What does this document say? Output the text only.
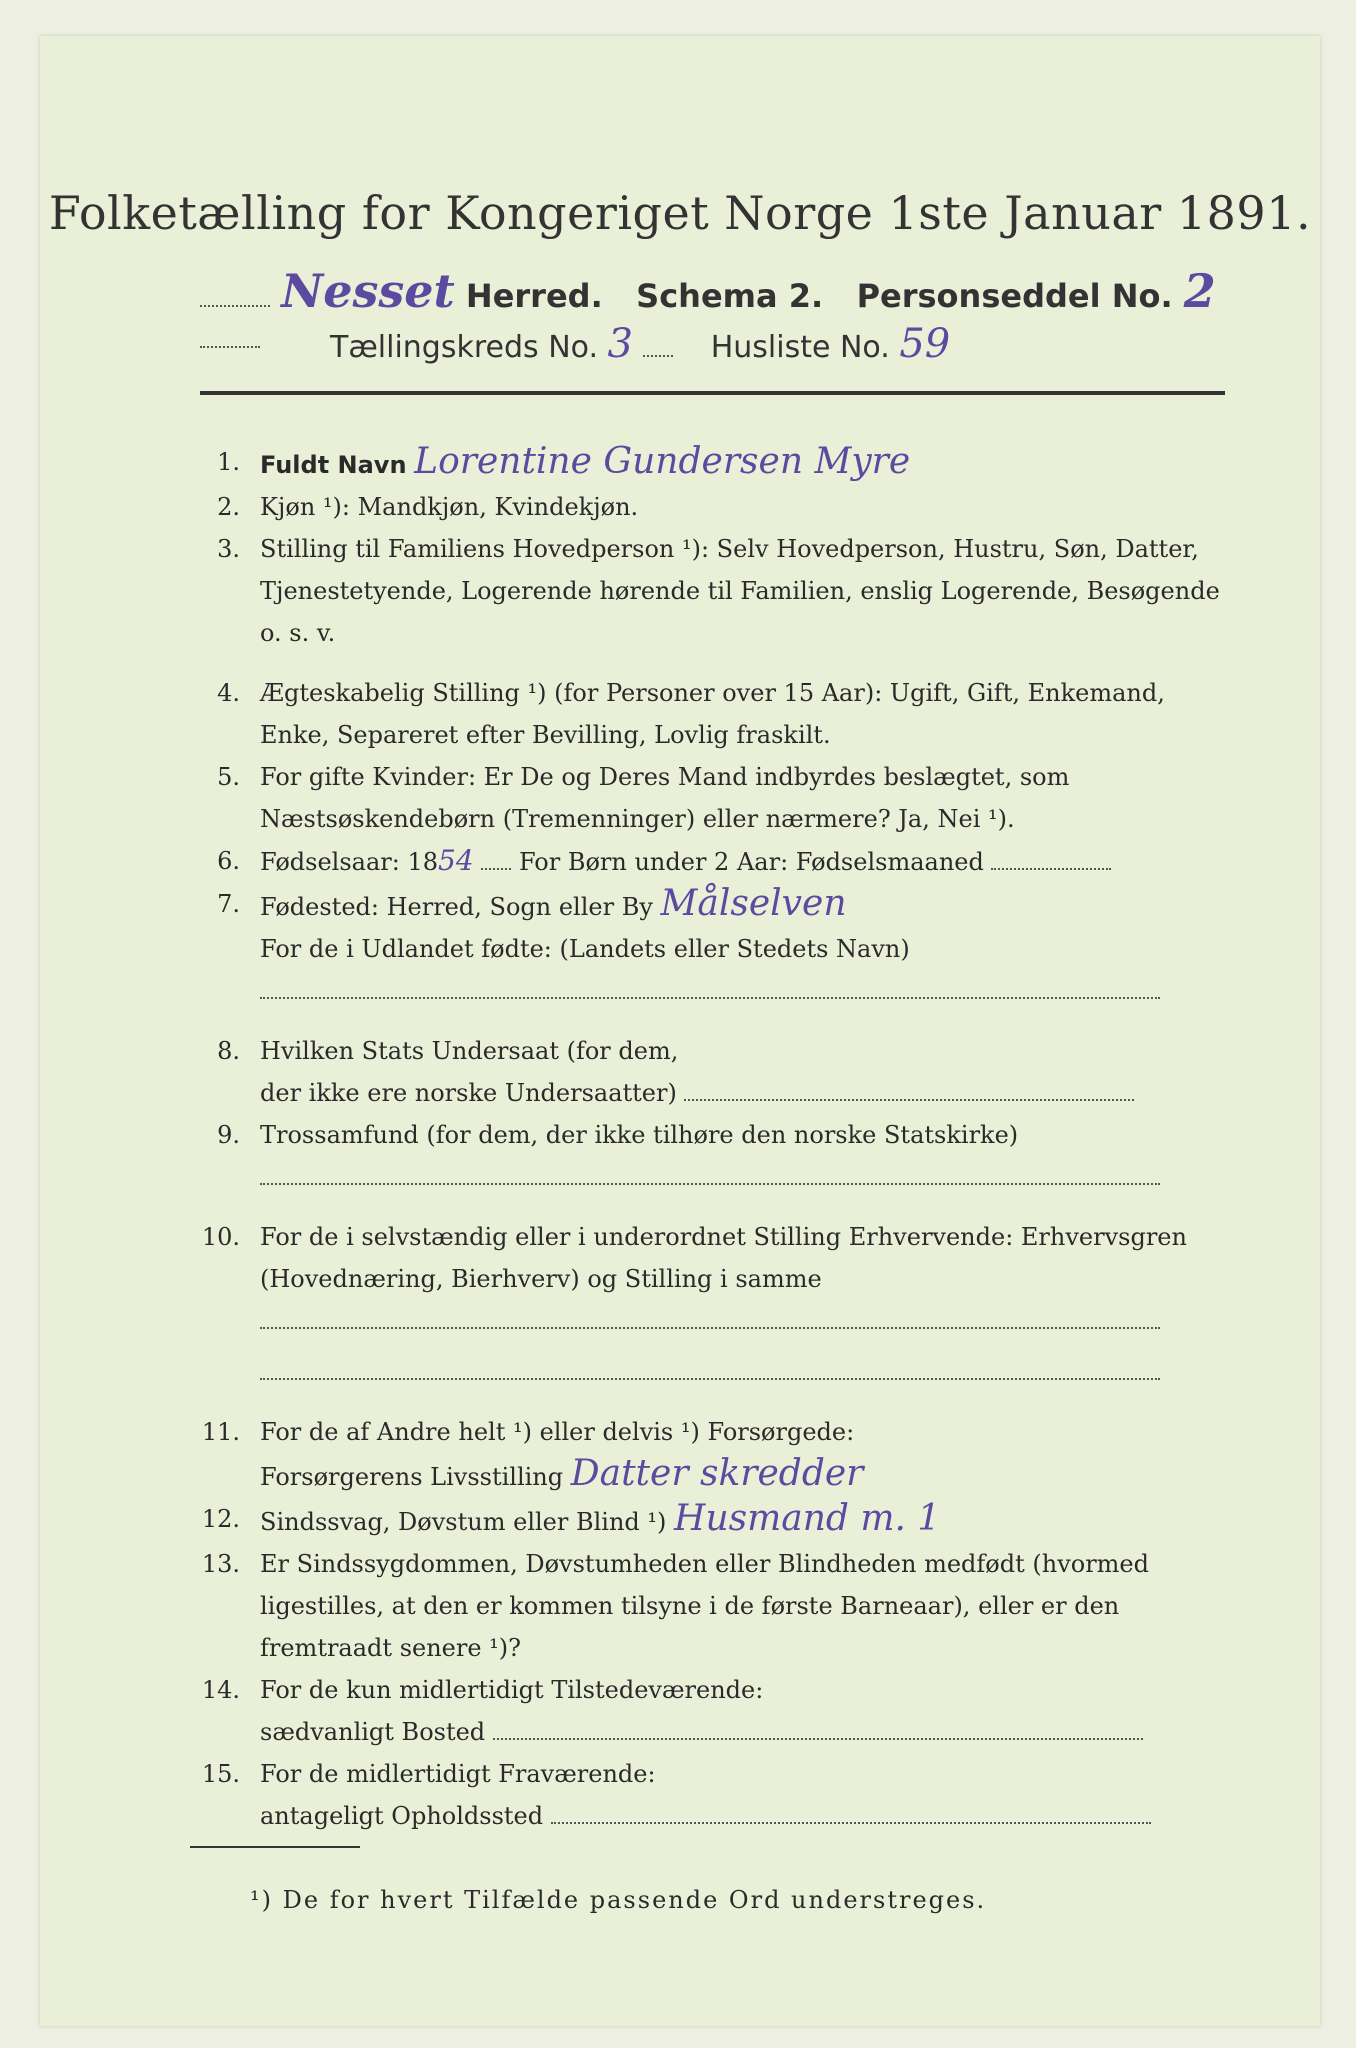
Folketælling for Kongeriget Norge 1ste Januar 1891.
Nesset Herred. Schema 2. Personseddel No. 2
Tællingskreds No. 3	Husliste No. 59
1. Fuldt Navn Lorentine Gundersen Myre
2. Kjøn ¹): Mandkjøn, Kvindekjøn.
3. Stilling til Familiens Hovedperson ¹): Selv Hovedperson, Hustru, Søn, Datter, Tjenestetyende, Logerende hørende til Familien, enslig Logerende, Besøgende o. s. v.
4. Ægteskabelig Stilling ¹) (for Personer over 15 Aar): Ugift, Gift, Enkemand, Enke, Separeret efter Bevilling, Lovlig fraskilt.
5. For gifte Kvinder: Er De og Deres Mand indbyrdes beslægtet, som Næstsøskendebørn (Tremenninger) eller nærmere? Ja, Nei ¹).
6. Fødselsaar: 1854 For Børn under 2 Aar: Fødselsmaaned
7. Fødested: Herred, Sogn eller By Målselven
For de i Udlandet fødte: (Landets eller Stedets Navn)
8. Hvilken Stats Undersaat (for dem,
der ikke ere norske Undersaatter)
9. Trossamfund (for dem, der ikke tilhøre den norske Statskirke)
10. For de i selvstændig eller i underordnet Stilling Erhvervende: Erhvervsgren (Hovednæring, Bierhverv) og Stilling i samme
11. For de af Andre helt ¹) eller delvis ¹) Forsørgede:
Forsørgerens Livsstilling Datter skredder
12. Sindssvag, Døvstum eller Blind ¹) Husmand m. 1
13. Er Sindssygdommen, Døvstumheden eller Blindheden medfødt (hvormed ligestilles, at den er kommen tilsyne i de første Barneaar), eller er den fremtraadt senere ¹)?
14. For de kun midlertidigt Tilstedeværende:
sædvanligt Bosted
15. For de midlertidigt Fraværende:
antageligt Opholdssted
¹) De for hvert Tilfælde passende Ord understreges.
